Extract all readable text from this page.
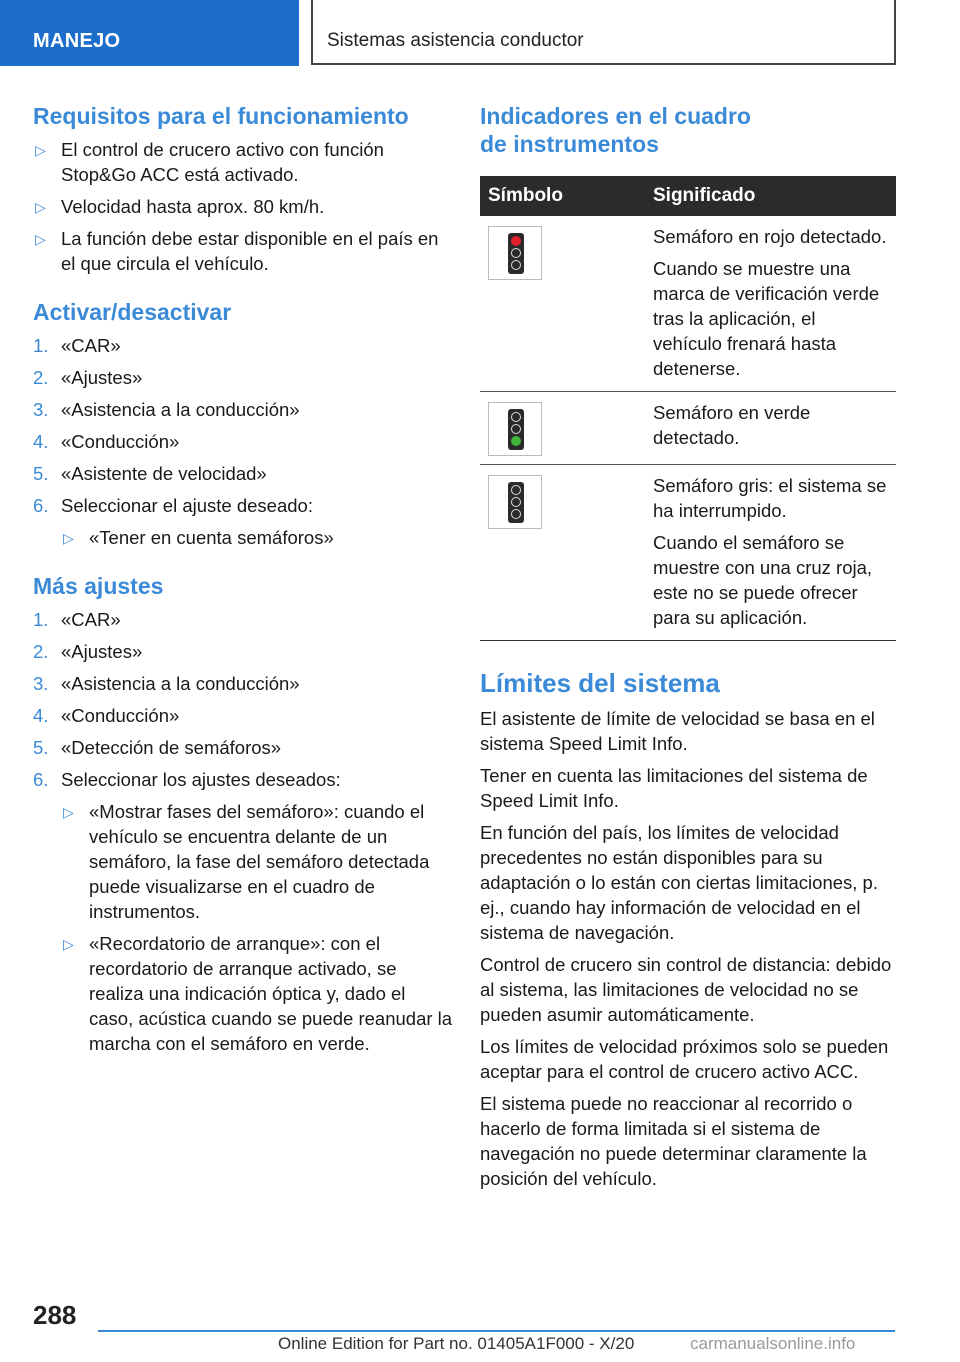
MANEJO	Sistemas asistencia conductor
Requisitos para el funcionamiento
▷ El control de crucero activo con función Stop&Go ACC está activado.
▷ Velocidad hasta aprox. 80 km/h.
▷ La función debe estar disponible en el país en el que circula el vehículo.
Activar/desactivar
1. «CAR»
2. «Ajustes»
3. «Asistencia a la conducción»
4. «Conducción»
5. «Asistente de velocidad»
6. Seleccionar el ajuste deseado:
▷ «Tener en cuenta semáforos»
Más ajustes
1. «CAR»
2. «Ajustes»
3. «Asistencia a la conducción»
4. «Conducción»
5. «Detección de semáforos»
6. Seleccionar los ajustes deseados:
▷ «Mostrar fases del semáforo»: cuando el vehículo se encuentra delante de un semáforo, la fase del semáforo detectada puede visualizarse en el cuadro de instrumentos.
▷ «Recordatorio de arranque»: con el recordatorio de arranque activado, se realiza una indicación óptica y, dado el caso, acústica cuando se puede reanudar la marcha con el semáforo en verde.
Indicadores en el cuadro
de instrumentos
Símbolo	Significado

	Semáforo en rojo detectado.

Cuando se muestre una marca de verificación verde tras la aplicación, el vehículo frenará hasta detenerse.

	Semáforo en verde detectado.

	Semáforo gris: el sistema se ha interrumpido.

Cuando el semáforo se muestre con una cruz roja, este no se puede ofrecer para su aplicación.

Límites del sistema

El asistente de límite de velocidad se basa en el sistema Speed Limit Info.

Tener en cuenta las limitaciones del sistema de Speed Limit Info.

En función del país, los límites de velocidad precedentes no están disponibles para su adaptación o lo están con ciertas limitaciones, p. ej., cuando hay información de velocidad en el sistema de navegación.

Control de crucero sin control de distancia: debido al sistema, las limitaciones de velocidad no se pueden asumir automáticamente.

Los límites de velocidad próximos solo se pueden aceptar para el control de crucero activo ACC.

El sistema puede no reaccionar al recorrido o hacerlo de forma limitada si el sistema de navegación no puede determinar claramente la posición del vehículo.

288
Online Edition for Part no. 01405A1F000 - X/20	carmanualsonline.info
